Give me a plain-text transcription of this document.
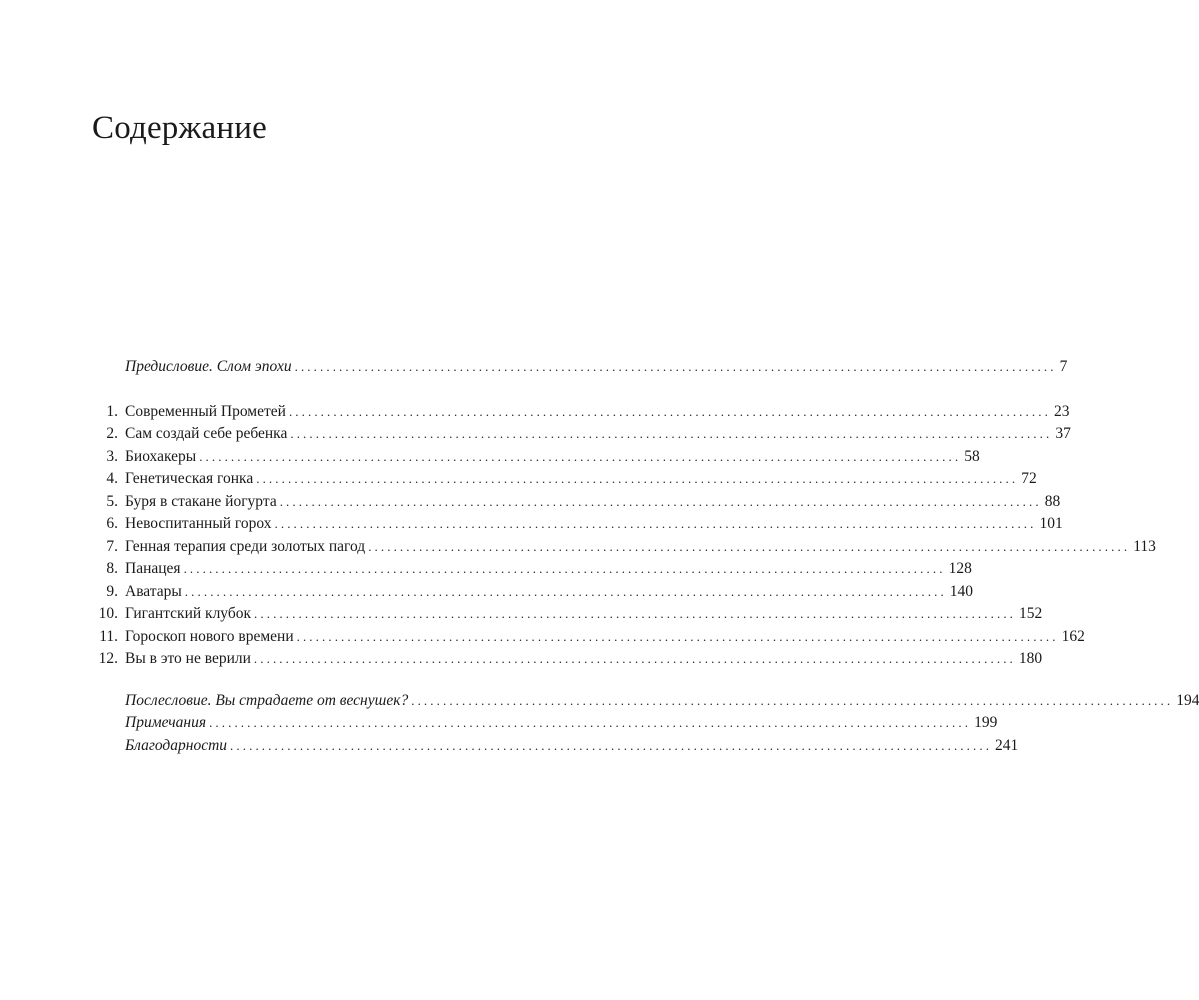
Содержание
Предисловие. Слом эпохи ........................................................................................................................ 7
1. Современный Прометей ........................................................................................................................ 23
2. Сам создай себе ребенка ........................................................................................................................ 37
3. Биохакеры ........................................................................................................................ 58
4. Генетическая гонка ........................................................................................................................ 72
5. Буря в стакане йогурта ........................................................................................................................ 88
6. Невоспитанный горох ........................................................................................................................ 101
7. Генная терапия среди золотых пагод ........................................................................................................................ 113
8. Панацея ........................................................................................................................ 128
9. Аватары ........................................................................................................................ 140
10. Гигантский клубок ........................................................................................................................ 152
11. Гороскоп нового времени ........................................................................................................................ 162
12. Вы в это не верили ........................................................................................................................ 180
Послесловие. Вы страдаете от веснушек? ........................................................................................................................ 194
Примечания ........................................................................................................................ 199
Благодарности ........................................................................................................................ 241
